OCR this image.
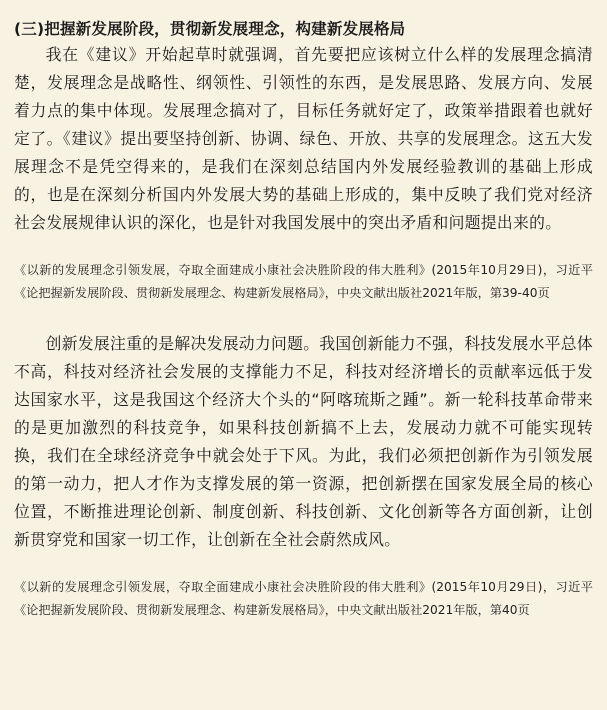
(三)把握新发展阶段，贯彻新发展理念，构建新发展格局

我在《建议》开始起草时就强调，首先要把应该树立什么样的发展理念搞清楚，发展理念是战略性、纲领性、引领性的东西，是发展思路、发展方向、发展着力点的集中体现。发展理念搞对了，目标任务就好定了，政策举措跟着也就好定了。《建议》提出要坚持创新、协调、绿色、开放、共享的发展理念。这五大发展理念不是凭空得来的，是我们在深刻总结国内外发展经验教训的基础上形成的，也是在深刻分析国内外发展大势的基础上形成的，集中反映了我们党对经济社会发展规律认识的深化，也是针对我国发展中的突出矛盾和问题提出来的。

《以新的发展理念引领发展，夺取全面建成小康社会决胜阶段的伟大胜利》(2015年10月29日)，习近平《论把握新发展阶段、贯彻新发展理念、构建新发展格局》，中央文献出版社2021年版，第39-40页

创新发展注重的是解决发展动力问题。我国创新能力不强，科技发展水平总体不高，科技对经济社会发展的支撑能力不足，科技对经济增长的贡献率远低于发达国家水平，这是我国这个经济大个头的“阿喀琉斯之踵”。新一轮科技革命带来的是更加激烈的科技竞争，如果科技创新搞不上去，发展动力就不可能实现转换，我们在全球经济竞争中就会处于下风。为此，我们必须把创新作为引领发展的第一动力，把人才作为支撑发展的第一资源，把创新摆在国家发展全局的核心位置，不断推进理论创新、制度创新、科技创新、文化创新等各方面创新，让创新贯穿党和国家一切工作，让创新在全社会蔚然成风。

《以新的发展理念引领发展，夺取全面建成小康社会决胜阶段的伟大胜利》(2015年10月29日)，习近平《论把握新发展阶段、贯彻新发展理念、构建新发展格局》，中央文献出版社2021年版，第40页
